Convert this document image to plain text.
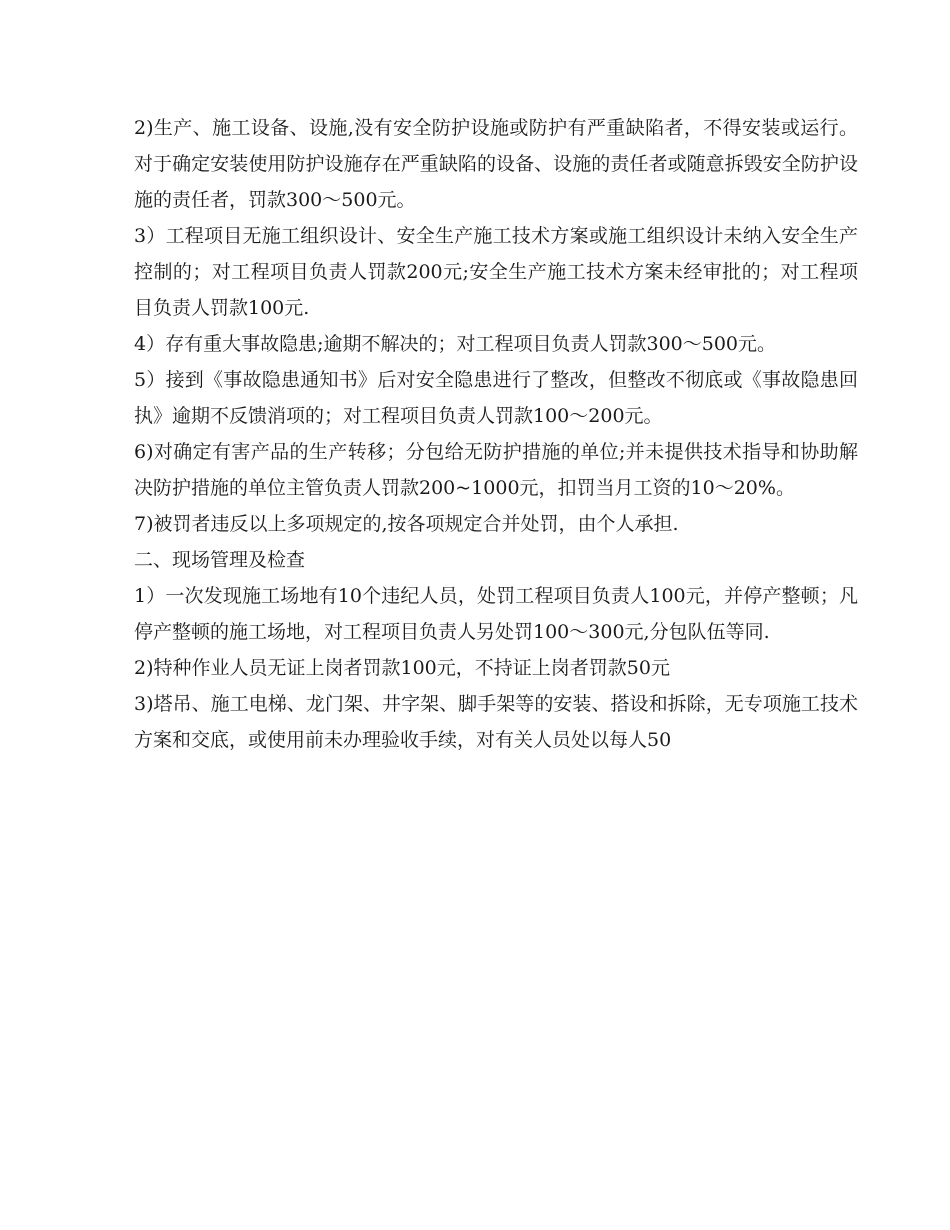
2)生产、施工设备、设施,没有安全防护设施或防护有严重缺陷者，不得安装或运行。对于确定安装使用防护设施存在严重缺陷的设备、设施的责任者或随意拆毁安全防护设施的责任者，罚款300～500元。

3）工程项目无施工组织设计、安全生产施工技术方案或施工组织设计未纳入安全生产控制的；对工程项目负责人罚款200元;安全生产施工技术方案未经审批的；对工程项目负责人罚款100元.

4）存有重大事故隐患;逾期不解决的；对工程项目负责人罚款300～500元。

5）接到《事故隐患通知书》后对安全隐患进行了整改，但整改不彻底或《事故隐患回执》逾期不反馈消项的；对工程项目负责人罚款100～200元。

6)对确定有害产品的生产转移；分包给无防护措施的单位;并未提供技术指导和协助解决防护措施的单位主管负责人罚款200~1000元，扣罚当月工资的10～20%。

7)被罚者违反以上多项规定的,按各项规定合并处罚，由个人承担.

二、现场管理及检查

1）一次发现施工场地有10个违纪人员，处罚工程项目负责人100元，并停产整顿；凡停产整顿的施工场地，对工程项目负责人另处罚100～300元,分包队伍等同.

2)特种作业人员无证上岗者罚款100元，不持证上岗者罚款50元

3)塔吊、施工电梯、龙门架、井字架、脚手架等的安装、搭设和拆除，无专项施工技术方案和交底，或使用前未办理验收手续，对有关人员处以每人50
